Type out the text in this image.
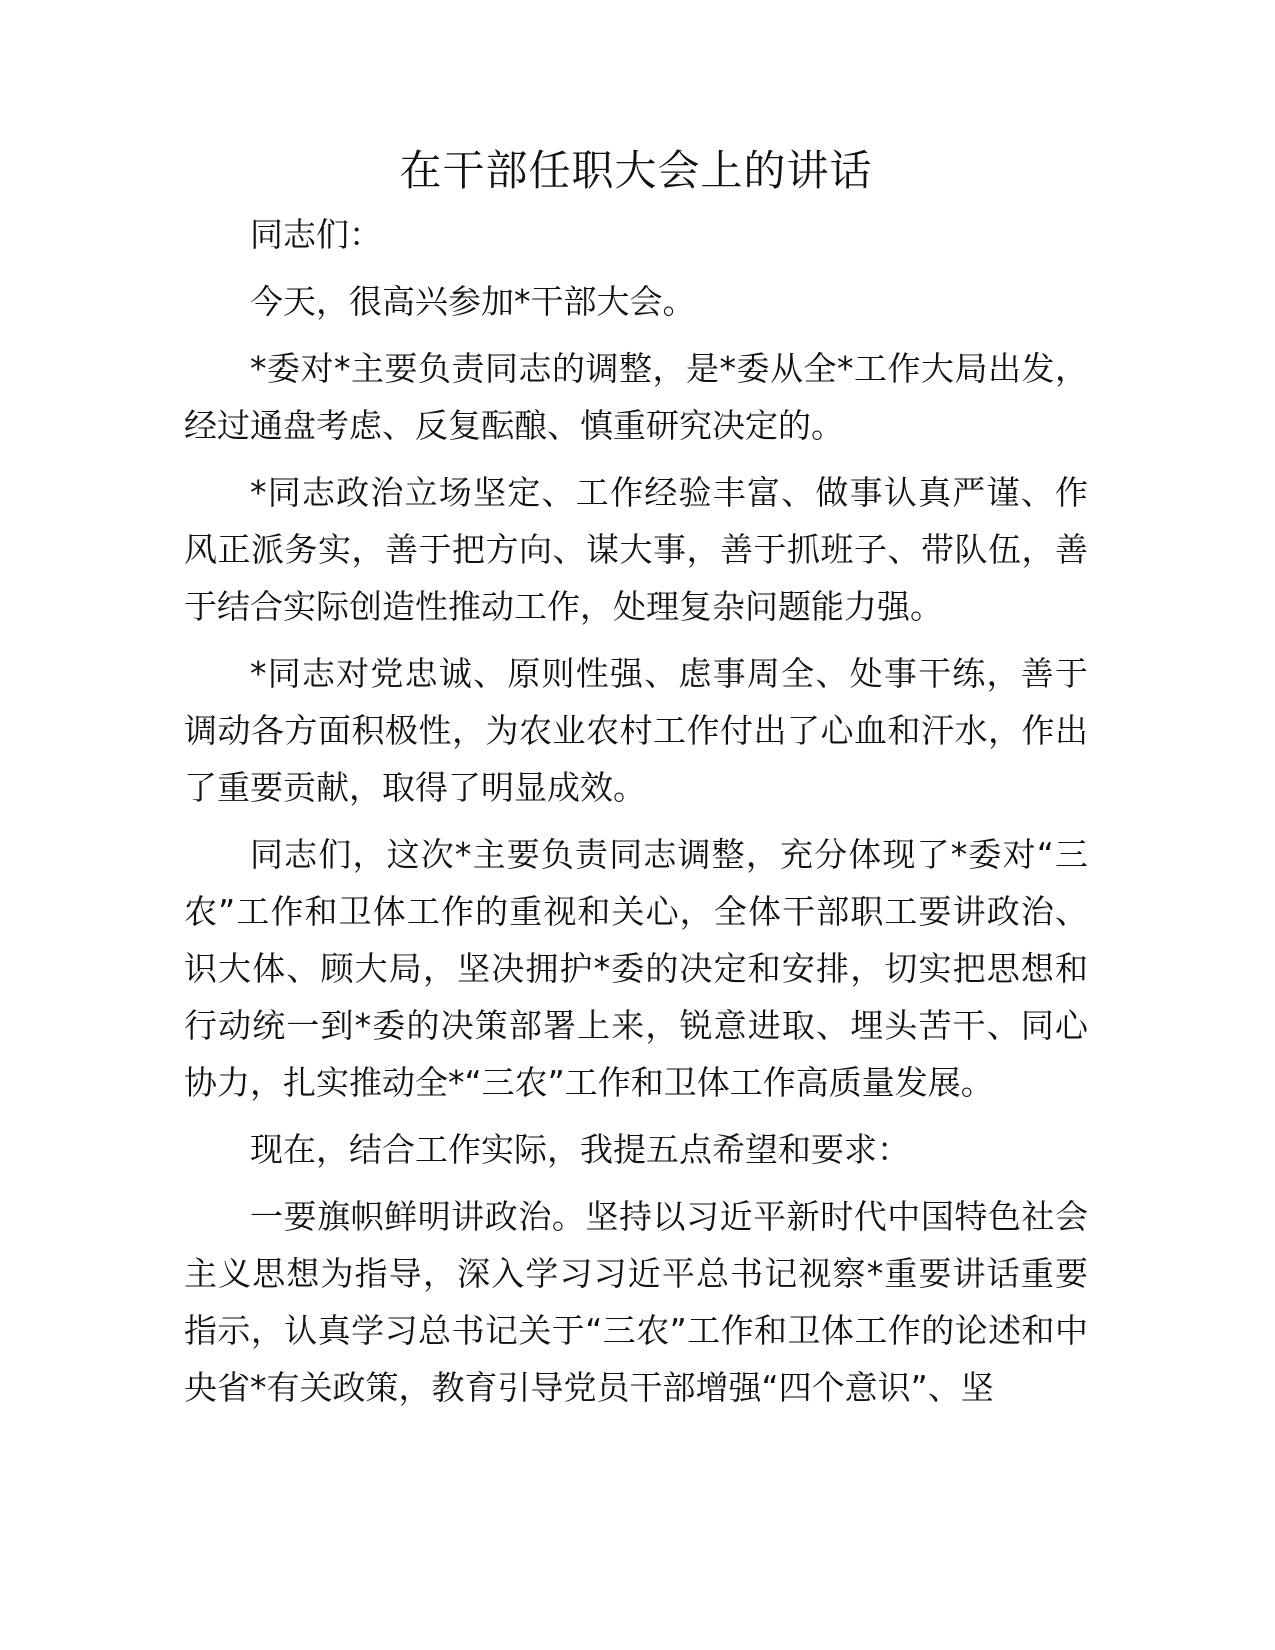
在干部任职大会上的讲话

同志们：

今天，很高兴参加*干部大会。

*委对*主要负责同志的调整，是*委从全*工作大局出发，经过通盘考虑、反复酝酿、慎重研究决定的。

*同志政治立场坚定、工作经验丰富、做事认真严谨、作风正派务实，善于把方向、谋大事，善于抓班子、带队伍，善于结合实际创造性推动工作，处理复杂问题能力强。

*同志对党忠诚、原则性强、虑事周全、处事干练，善于调动各方面积极性，为农业农村工作付出了心血和汗水，作出了重要贡献，取得了明显成效。

同志们，这次*主要负责同志调整，充分体现了*委对“三农”工作和卫体工作的重视和关心，全体干部职工要讲政治、识大体、顾大局，坚决拥护*委的决定和安排，切实把思想和行动统一到*委的决策部署上来，锐意进取、埋头苦干、同心协力，扎实推动全*“三农”工作和卫体工作高质量发展。

现在，结合工作实际，我提五点希望和要求：

一要旗帜鲜明讲政治。坚持以习近平新时代中国特色社会主义思想为指导，深入学习习近平总书记视察*重要讲话重要指示，认真学习总书记关于“三农”工作和卫体工作的论述和中央省*有关政策，教育引导党员干部增强“四个意识”、坚
